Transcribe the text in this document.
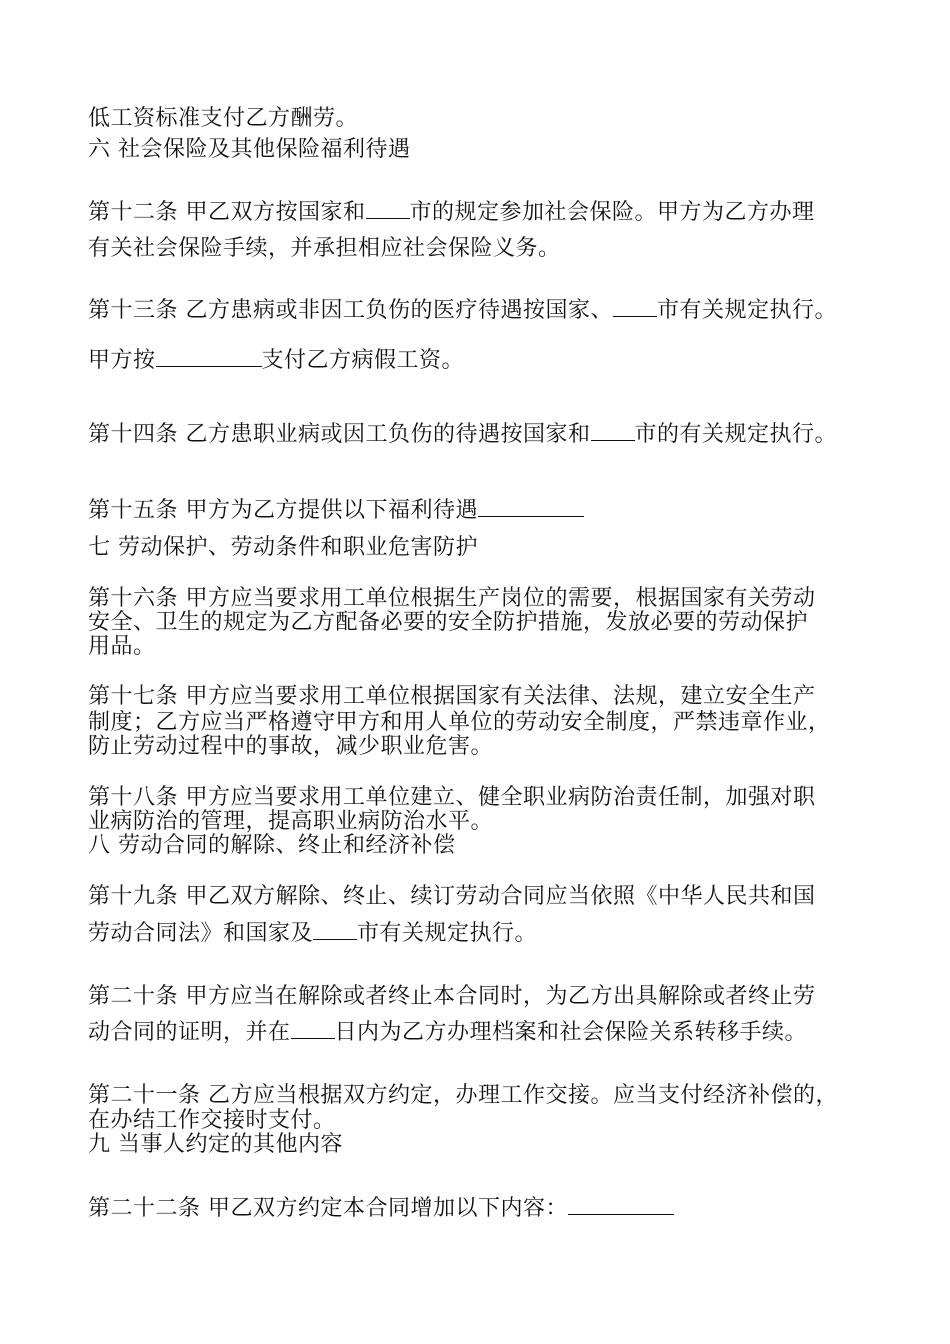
低工资标准支付乙方酬劳。
六 社会保险及其他保险福利待遇
第十二条 甲乙双方按国家和 市的规定参加社会保险。甲方为乙方办理
有关社会保险手续，并承担相应社会保险义务。
第十三条 乙方患病或非因工负伤的医疗待遇按国家、 市有关规定执行。
甲方按	支付乙方病假工资。
第十四条 乙方患职业病或因工负伤的待遇按国家和 市的有关规定执行。
第十五条 甲方为乙方提供以下福利待遇
七 劳动保护、劳动条件和职业危害防护
第十六条 甲方应当要求用工单位根据生产岗位的需要，根据国家有关劳动
安全、卫生的规定为乙方配备必要的安全防护措施，发放必要的劳动保护
用品。
第十七条 甲方应当要求用工单位根据国家有关法律、法规，建立安全生产
制度；乙方应当严格遵守甲方和用人单位的劳动安全制度，严禁违章作业，
防止劳动过程中的事故，减少职业危害。
第十八条 甲方应当要求用工单位建立、健全职业病防治责任制，加强对职
业病防治的管理，提高职业病防治水平。
八 劳动合同的解除、终止和经济补偿
第十九条 甲乙双方解除、终止、续订劳动合同应当依照《中华人民共和国
劳动合同法》和国家及 市有关规定执行。
第二十条 甲方应当在解除或者终止本合同时，为乙方出具解除或者终止劳
动合同的证明，并在 日内为乙方办理档案和社会保险关系转移手续。
第二十一条 乙方应当根据双方约定，办理工作交接。应当支付经济补偿的，
在办结工作交接时支付。
九 当事人约定的其他内容
第二十二条 甲乙双方约定本合同增加以下内容：
